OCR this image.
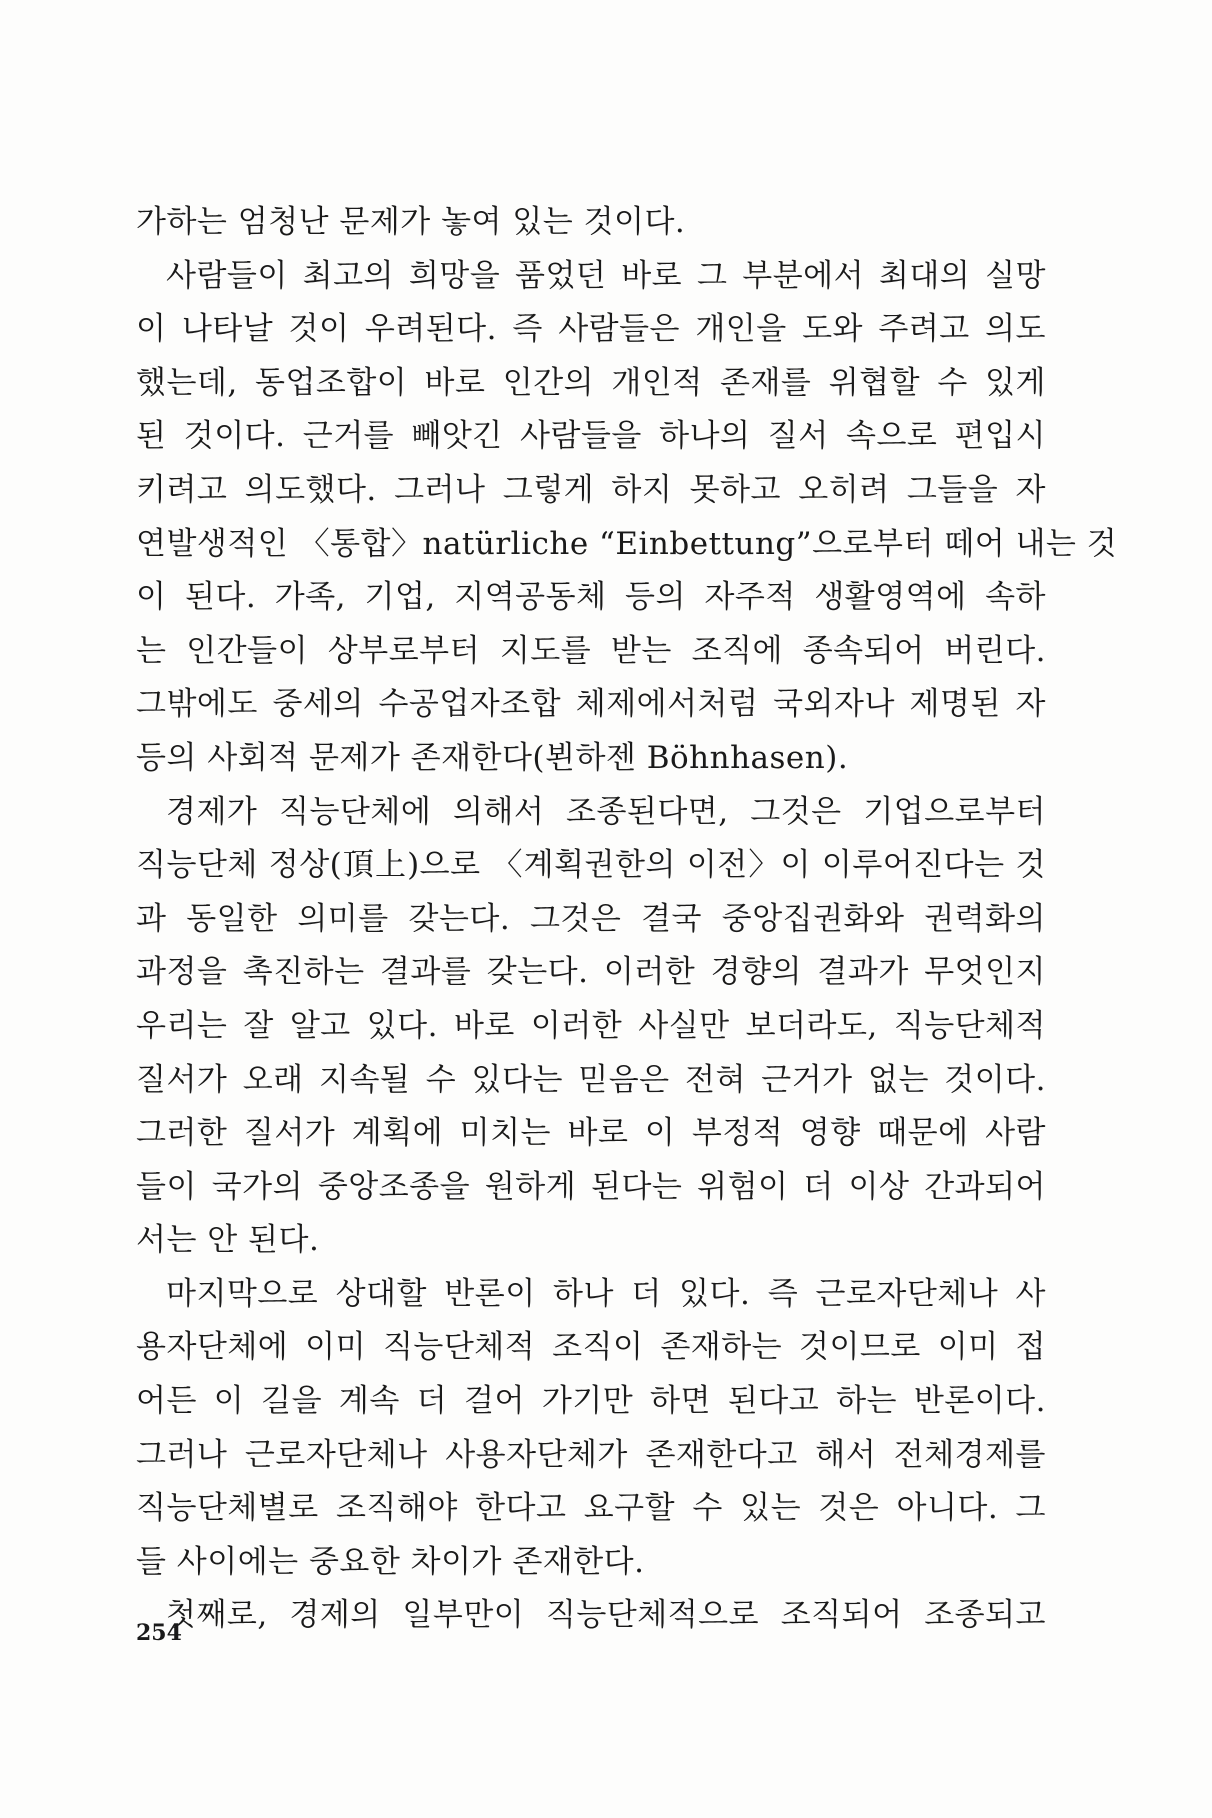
가하는 엄청난 문제가 놓여 있는 것이다.
사람들이 최고의 희망을 품었던 바로 그 부분에서 최대의 실망
이 나타날 것이 우려된다. 즉 사람들은 개인을 도와 주려고 의도
했는데, 동업조합이 바로 인간의 개인적 존재를 위협할 수 있게
된 것이다. 근거를 빼앗긴 사람들을 하나의 질서 속으로 편입시
키려고 의도했다. 그러나 그렇게 하지 못하고 오히려 그들을 자
연발생적인 〈통합〉natürliche “Einbettung”으로부터 떼어 내는 것
이 된다. 가족, 기업, 지역공동체 등의 자주적 생활영역에 속하
는 인간들이 상부로부터 지도를 받는 조직에 종속되어 버린다.
그밖에도 중세의 수공업자조합 체제에서처럼 국외자나 제명된 자
등의 사회적 문제가 존재한다(뵌하젠 Böhnhasen).
경제가 직능단체에 의해서 조종된다면, 그것은 기업으로부터
직능단체 정상(頂上)으로 〈계획권한의 이전〉이 이루어진다는 것
과 동일한 의미를 갖는다. 그것은 결국 중앙집권화와 권력화의
과정을 촉진하는 결과를 갖는다. 이러한 경향의 결과가 무엇인지
우리는 잘 알고 있다. 바로 이러한 사실만 보더라도, 직능단체적
질서가 오래 지속될 수 있다는 믿음은 전혀 근거가 없는 것이다.
그러한 질서가 계획에 미치는 바로 이 부정적 영향 때문에 사람
들이 국가의 중앙조종을 원하게 된다는 위험이 더 이상 간과되어
서는 안 된다.
마지막으로 상대할 반론이 하나 더 있다. 즉 근로자단체나 사
용자단체에 이미 직능단체적 조직이 존재하는 것이므로 이미 접
어든 이 길을 계속 더 걸어 가기만 하면 된다고 하는 반론이다.
그러나 근로자단체나 사용자단체가 존재한다고 해서 전체경제를
직능단체별로 조직해야 한다고 요구할 수 있는 것은 아니다. 그
들 사이에는 중요한 차이가 존재한다.
첫째로, 경제의 일부만이 직능단체적으로 조직되어 조종되고
254
